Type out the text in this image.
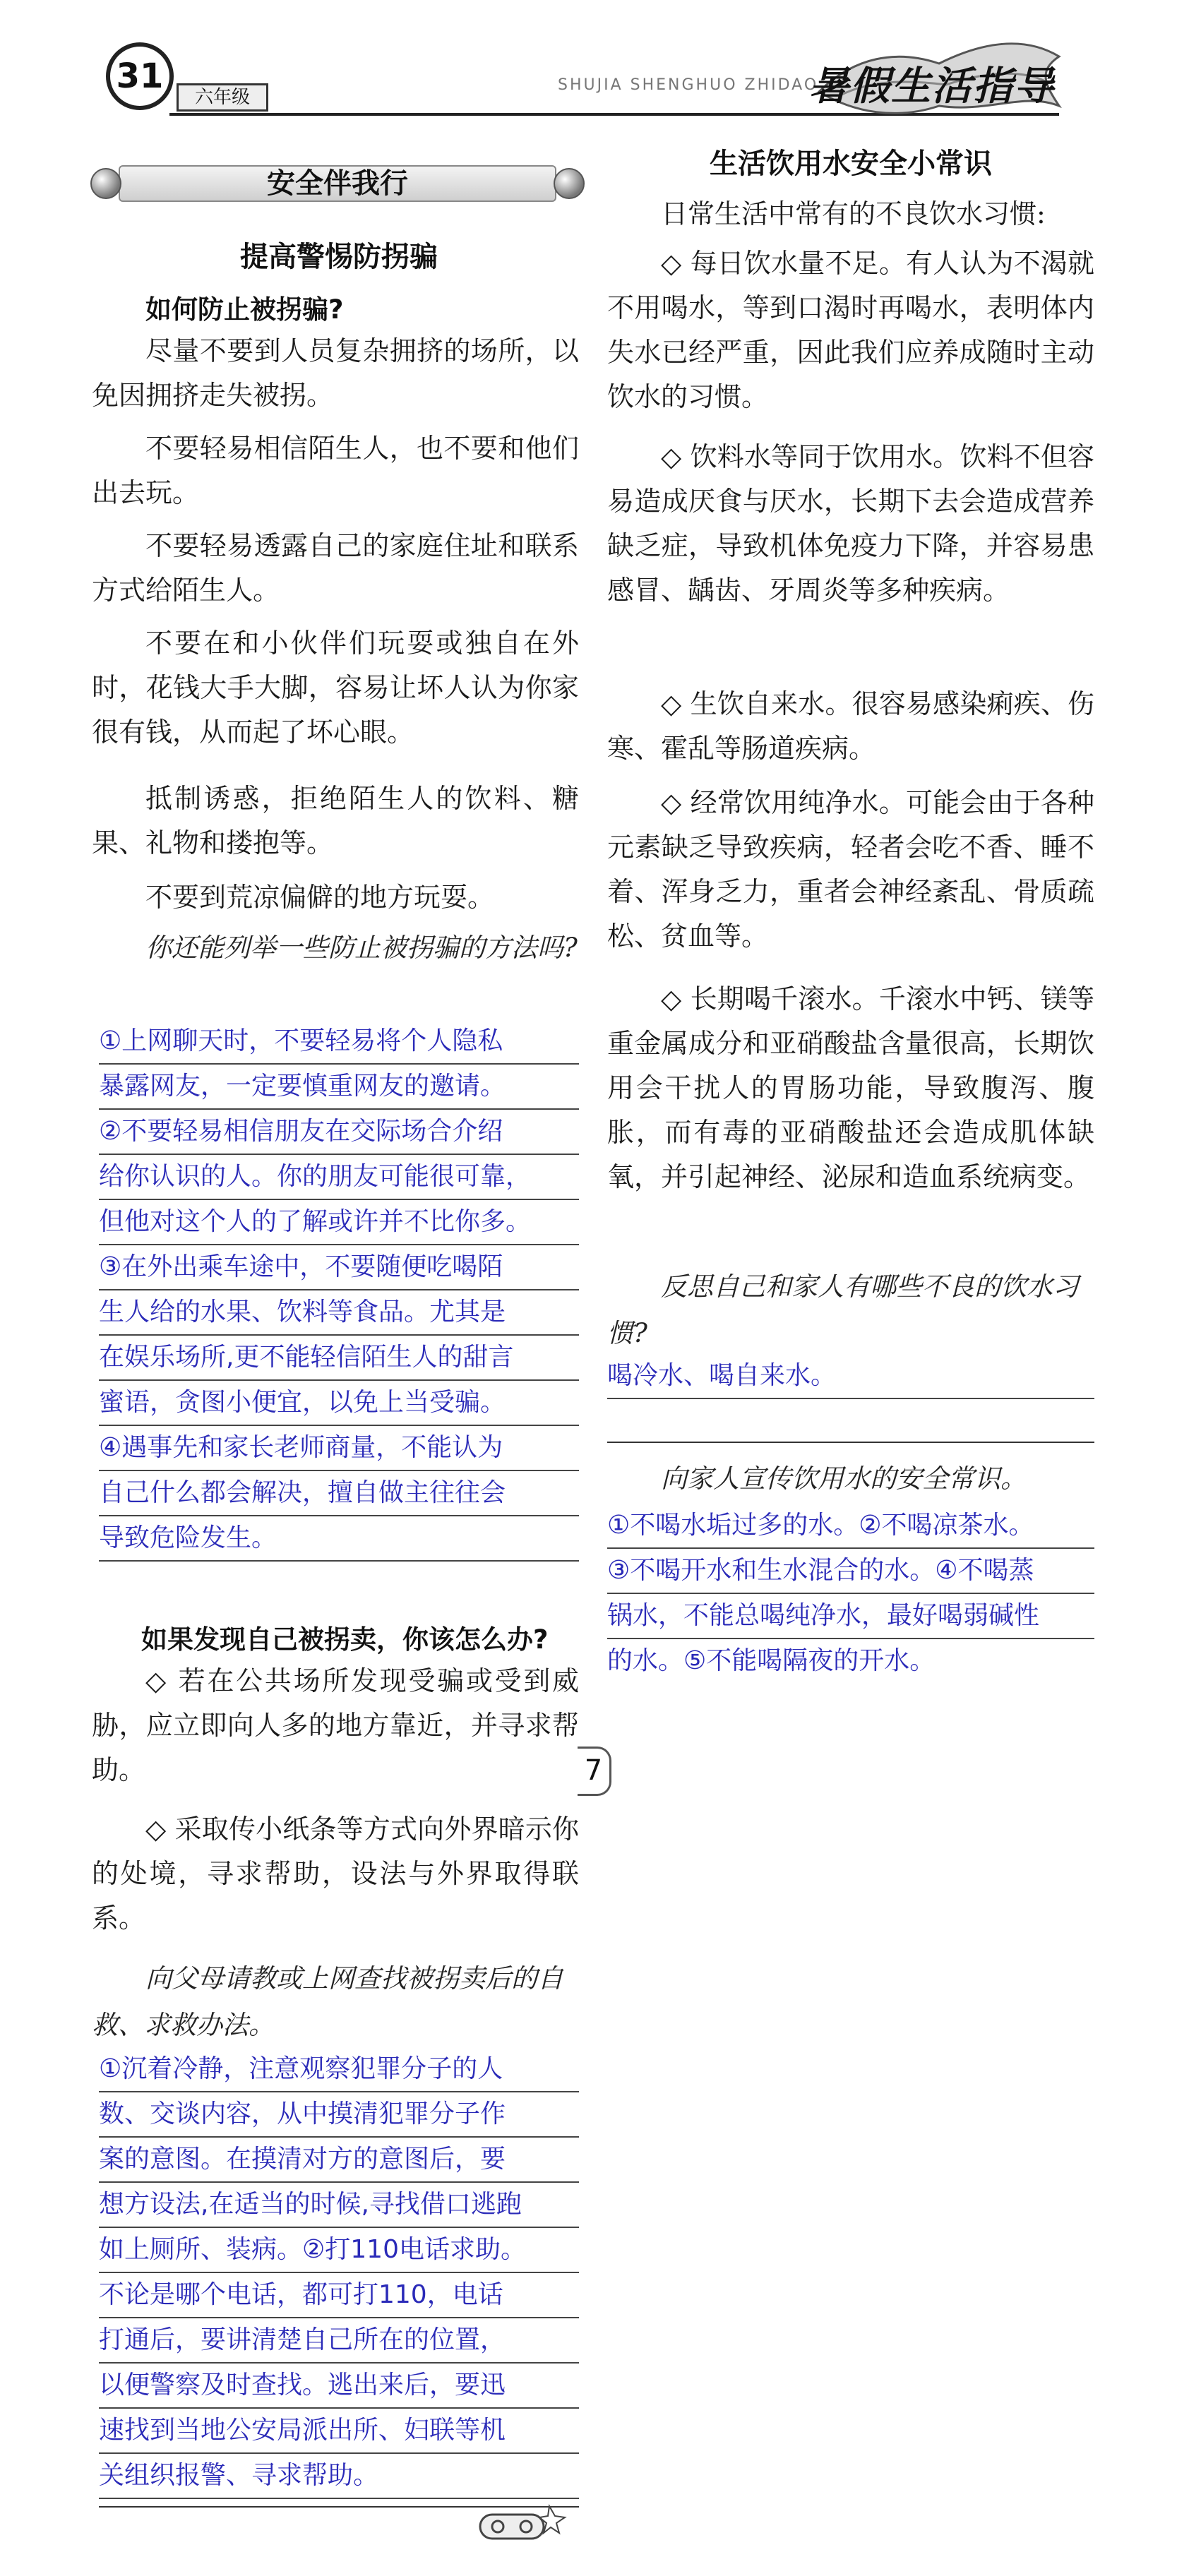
31
六年级
SHUJIA SHENGHUO ZHIDAO
暑假生活指导
安全伴我行
提高警惕防拐骗
如何防止被拐骗?
尽量不要到人员复杂拥挤的场所，以免因拥挤走失被拐。
不要轻易相信陌生人，也不要和他们出去玩。
不要轻易透露自己的家庭住址和联系方式给陌生人。
不要在和小伙伴们玩耍或独自在外时，花钱大手大脚，容易让坏人认为你家很有钱，从而起了坏心眼。
抵制诱惑，拒绝陌生人的饮料、糖果、礼物和搂抱等。
不要到荒凉偏僻的地方玩耍。
你还能列举一些防止被拐骗的方法吗?
①上网聊天时，不要轻易将个人隐私
暴露网友，一定要慎重网友的邀请。
②不要轻易相信朋友在交际场合介绍
给你认识的人。你的朋友可能很可靠，
但他对这个人的了解或许并不比你多。
③在外出乘车途中，不要随便吃喝陌
生人给的水果、饮料等食品。尤其是
在娱乐场所,更不能轻信陌生人的甜言
蜜语，贪图小便宜，以免上当受骗。
④遇事先和家长老师商量，不能认为
自己什么都会解决，擅自做主往往会
导致危险发生。
如果发现自己被拐卖，你该怎么办?
◇ 若在公共场所发现受骗或受到威胁，应立即向人多的地方靠近，并寻求帮助。
◇ 采取传小纸条等方式向外界暗示你的处境，寻求帮助，设法与外界取得联系。
向父母请教或上网查找被拐卖后的自救、求救办法。
①沉着冷静，注意观察犯罪分子的人
数、交谈内容，从中摸清犯罪分子作
案的意图。在摸清对方的意图后，要
想方设法,在适当的时候,寻找借口逃跑
如上厕所、装病。②打110电话求助。
不论是哪个电话，都可打110，电话
打通后，要讲清楚自己所在的位置，
以便警察及时查找。逃出来后，要迅
速找到当地公安局派出所、妇联等机
关组织报警、寻求帮助。
生活饮用水安全小常识
日常生活中常有的不良饮水习惯:
◇ 每日饮水量不足。有人认为不渴就不用喝水，等到口渴时再喝水，表明体内失水已经严重，因此我们应养成随时主动饮水的习惯。
◇ 饮料水等同于饮用水。饮料不但容易造成厌食与厌水，长期下去会造成营养缺乏症，导致机体免疫力下降，并容易患感冒、龋齿、牙周炎等多种疾病。
◇ 生饮自来水。很容易感染痢疾、伤寒、霍乱等肠道疾病。
◇ 经常饮用纯净水。可能会由于各种元素缺乏导致疾病，轻者会吃不香、睡不着、浑身乏力，重者会神经紊乱、骨质疏松、贫血等。
◇ 长期喝千滚水。千滚水中钙、镁等重金属成分和亚硝酸盐含量很高，长期饮用会干扰人的胃肠功能，导致腹泻、腹胀，而有毒的亚硝酸盐还会造成肌体缺氧，并引起神经、泌尿和造血系统病变。
反思自己和家人有哪些不良的饮水习惯?
喝冷水、喝自来水。
向家人宣传饮用水的安全常识。
①不喝水垢过多的水。②不喝凉茶水。
③不喝开水和生水混合的水。④不喝蒸
锅水，不能总喝纯净水，最好喝弱碱性
的水。⑤不能喝隔夜的开水。
7
